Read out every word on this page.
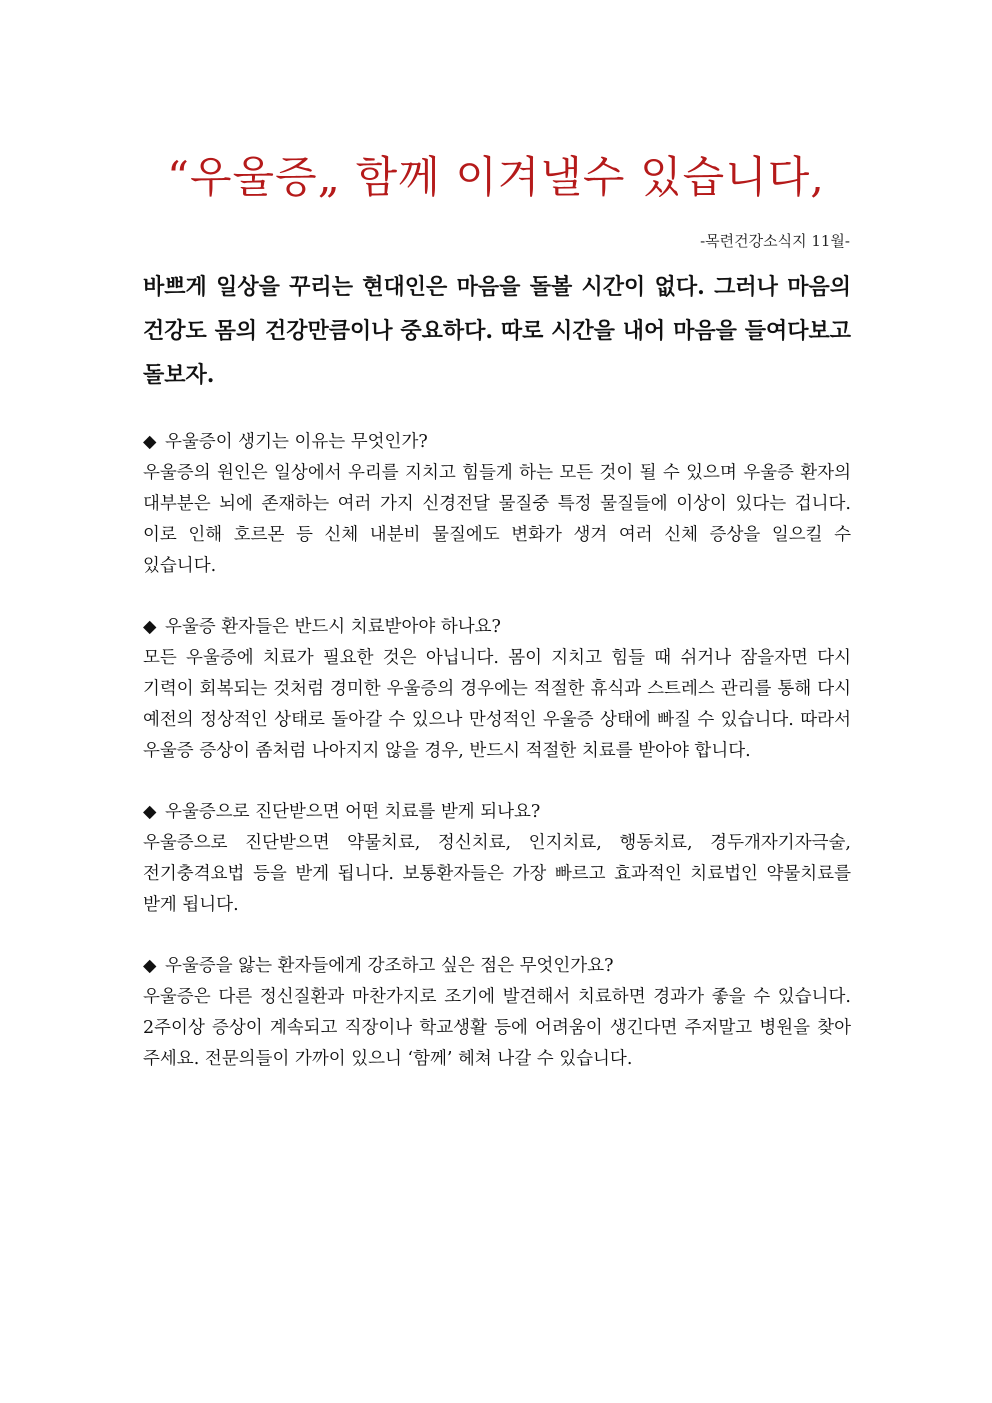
“우울증„ 함께 이겨낼수 있습니다,
-목련건강소식지 11월-

바쁘게 일상을 꾸리는 현대인은 마음을 돌볼 시간이 없다. 그러나 마음의 건강도 몸의 건강만큼이나 중요하다. 따로 시간을 내어 마음을 들여다보고 돌보자.

◆ 우울증이 생기는 이유는 무엇인가?

우울증의 원인은 일상에서 우리를 지치고 힘들게 하는 모든 것이 될 수 있으며 우울증 환자의 대부분은 뇌에 존재하는 여러 가지 신경전달 물질중 특정 물질들에 이상이 있다는 겁니다. 이로 인해 호르몬 등 신체 내분비 물질에도 변화가 생겨 여러 신체 증상을 일으킬 수 있습니다.

◆ 우울증 환자들은 반드시 치료받아야 하나요?

모든 우울증에 치료가 필요한 것은 아닙니다. 몸이 지치고 힘들 때 쉬거나 잠을자면 다시 기력이 회복되는 것처럼 경미한 우울증의 경우에는 적절한 휴식과 스트레스 관리를 통해 다시 예전의 정상적인 상태로 돌아갈 수 있으나 만성적인 우울증 상태에 빠질 수 있습니다. 따라서 우울증 증상이 좀처럼 나아지지 않을 경우, 반드시 적절한 치료를 받아야 합니다.

◆ 우울증으로 진단받으면 어떤 치료를 받게 되나요?

우울증으로 진단받으면 약물치료, 정신치료, 인지치료, 행동치료, 경두개자기자극술, 전기충격요법 등을 받게 됩니다. 보통환자들은 가장 빠르고 효과적인 치료법인 약물치료를 받게 됩니다.

◆ 우울증을 앓는 환자들에게 강조하고 싶은 점은 무엇인가요?

우울증은 다른 정신질환과 마찬가지로 조기에 발견해서 치료하면 경과가 좋을 수 있습니다. 2주이상 증상이 계속되고 직장이나 학교생활 등에 어려움이 생긴다면 주저말고 병원을 찾아 주세요. 전문의들이 가까이 있으니 ‘함께’ 헤쳐 나갈 수 있습니다.
